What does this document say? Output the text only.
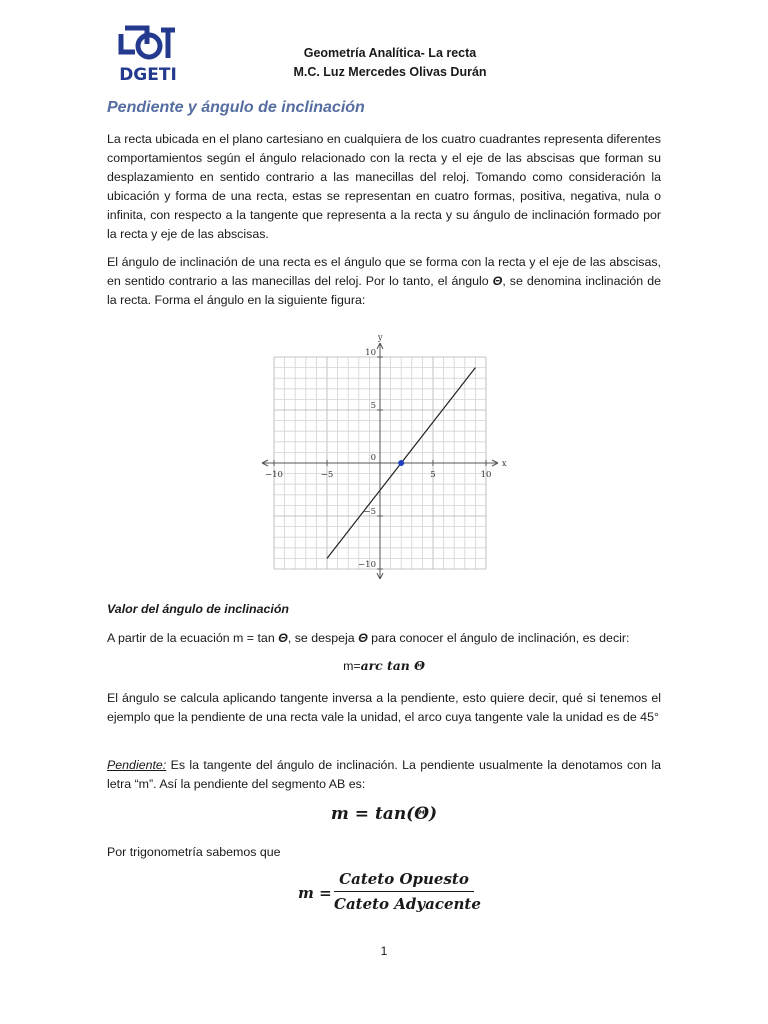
DGETI
Geometría Analítica- La recta
M.C. Luz Mercedes Olivas Durán
Pendiente y ángulo de inclinación

La recta ubicada en el plano cartesiano en cualquiera de los cuatro cuadrantes representa diferentes comportamientos según el ángulo relacionado con la recta y el eje de las abscisas que forman su desplazamiento en sentido contrario a las manecillas del reloj. Tomando como consideración la ubicación y forma de una recta, estas se representan en cuatro formas, positiva, negativa, nula o infinita, con respecto a la tangente que representa a la recta y su ángulo de inclinación formado por la recta y eje de las abscisas.

El ángulo de inclinación de una recta es el ángulo que se forma con la recta y el eje de las abscisas, en sentido contrario a las manecillas del reloj. Por lo tanto, el ángulo Θ, se denomina inclinación de la recta. Forma el ángulo en la siguiente figura:

x
y
−10	−5	5	10
10
5
−5
−10
0

Valor del ángulo de inclinación

A partir de la ecuación m = tan Θ, se despeja Θ para conocer el ángulo de inclinación, es decir:

m=arc tan Θ

El ángulo se calcula aplicando tangente inversa a la pendiente, esto quiere decir, qué si tenemos el ejemplo que la pendiente de una recta vale la unidad, el arco cuya tangente vale la unidad es de 45°

Pendiente: Es la tangente del ángulo de inclinación. La pendiente usualmente la denotamos con la letra “m”. Así la pendiente del segmento AB es:

m = tan(Θ)

Por trigonometría sabemos que

m =
Cateto Opuesto
Cateto Adyacente
1
